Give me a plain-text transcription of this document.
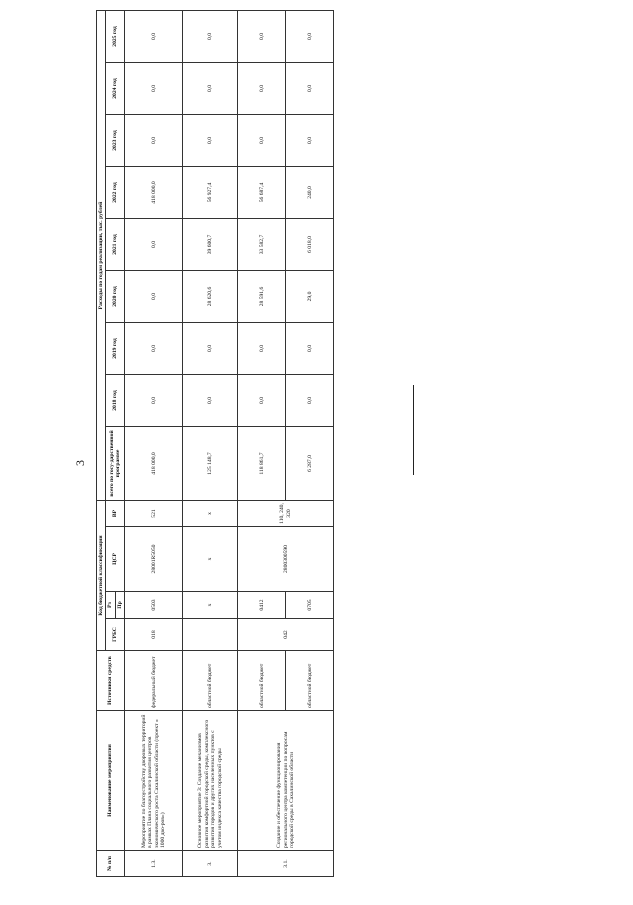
3
№ п/п	Наименование мероприятия	Источники средств	Код бюджетной классификации				Расходы по годам реализации, тыс. рублей								
			ГРБС	Рз	ЦСР	ВР	всего по госу-дарственной программе	2018 год	2019 год	2020 год	2021 год	2022 год	2023 год	2024 год	2025 год
				Пр											
1.3.	Мероприятие по благоустройству дворовых территорий в рамках Плана социального развития центров экономического роста Сахалинской области (проект « 1000 дво-ров»)	федеральный бюджет	018	0503	28001R5050	521	418 000,0	0,0	0,0	0,0	0,0	418 000,0	0,0	0,0	0,0
3.	Основное мероприятие 3: Создание механизмов развития комфортной городской среды, комплексного развития городов и других населенных пунктов с учетом индекса качества городской среды	областной бюджет		x	x	x	125 148,7	0,0	0,0	28 620,6	39 600,7	56 927,4	0,0	0,0	0,0
3.1.	Создание и обеспечение функционирования регионального центра компетенции по вопросам городской среды в Сахалинской области	областной бюджет	042	0412	2800300590	110, 240, 320	118 861,7	0,0	0,0	28 591,6	33 582,7	56 687,4	0,0	0,0	0,0
		областной бюджет		0705			6 287,0	0,0	0,0	29,0	6 018,0	240,0	0,0	0,0	0,0
